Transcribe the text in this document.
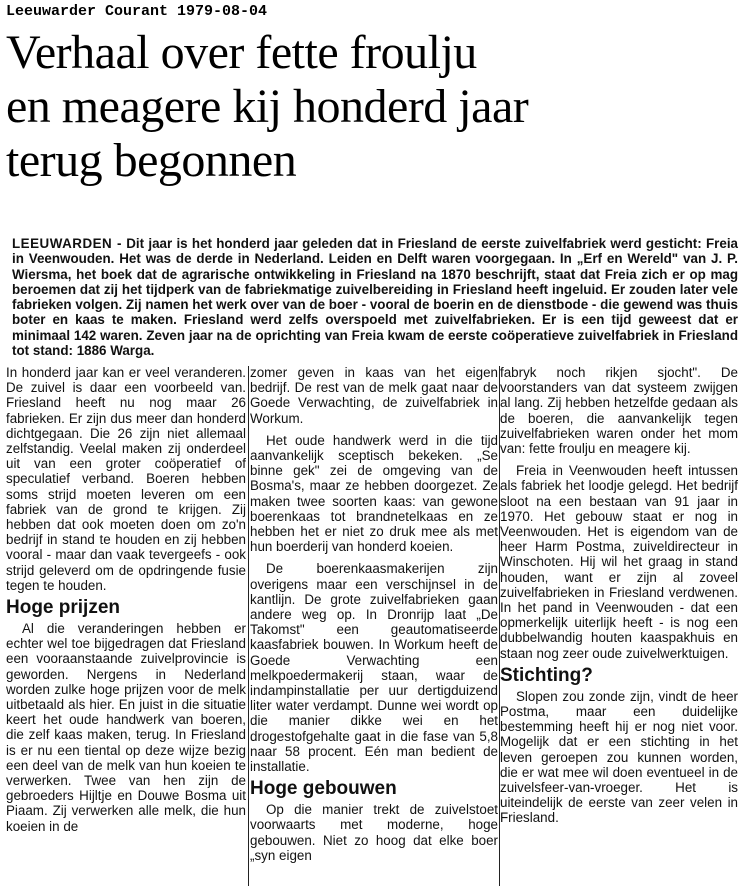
Leeuwarder Courant 1979-08-04
Verhaal over fette froulju
en meagere kij honderd jaar
terug begonnen

LEEUWARDEN - Dit jaar is het honderd jaar geleden dat in Friesland de eerste zuivelfabriek werd gesticht: Freia in Veenwouden. Het was de derde in Nederland. Leiden en Delft waren voorgegaan. In „Erf en Wereld" van J. P. Wiersma, het boek dat de agrarische ontwikkeling in Friesland na 1870 beschrijft, staat dat Freia zich er op mag beroemen dat zij het tijdperk van de fabriekmatige zuivelbereiding in Friesland heeft ingeluid. Er zouden later vele fabrieken volgen. Zij namen het werk over van de boer - vooral de boerin en de dienstbode - die gewend was thuis boter en kaas te maken. Friesland werd zelfs overspoeld met zuivelfabrieken. Er is een tijd geweest dat er minimaal 142 waren. Zeven jaar na de oprichting van Freia kwam de eerste coöperatieve zuivelfabriek in Friesland tot stand: 1886 Warga.

In honderd jaar kan er veel veranderen. De zuivel is daar een voorbeeld van. Friesland heeft nu nog maar 26 fabrieken. Er zijn dus meer dan honderd dichtgegaan. Die 26 zijn niet allemaal zelfstandig. Veelal maken zij onderdeel uit van een groter coöperatief of speculatief verband. Boeren hebben soms strijd moeten leveren om een fabriek van de grond te krijgen. Zij hebben dat ook moeten doen om zo'n bedrijf in stand te houden en zij hebben vooral - maar dan vaak tevergeefs - ook strijd geleverd om de opdringende fusie tegen te houden.

Hoge prijzen

Al die veranderingen hebben er echter wel toe bijgedragen dat Friesland een vooraanstaande zuivelprovincie is geworden. Nergens in Nederland worden zulke hoge prijzen voor de melk uitbetaald als hier. En juist in die situatie keert het oude handwerk van boeren, die zelf kaas maken, terug. In Friesland is er nu een tiental op deze wijze bezig een deel van de melk van hun koeien te verwerken. Twee van hen zijn de gebroeders Hijltje en Douwe Bosma uit Piaam. Zij verwerken alle melk, die hun koeien in de

zomer geven in kaas van het eigen bedrijf. De rest van de melk gaat naar de Goede Verwachting, de zuivelfabriek in Workum.

Het oude handwerk werd in die tijd aanvankelijk sceptisch bekeken. „Se binne gek" zei de omgeving van de Bosma's, maar ze hebben doorgezet. Ze maken twee soorten kaas: van gewone boerenkaas tot brandnetelkaas en ze hebben het er niet zo druk mee als met hun boerderij van honderd koeien.

De boerenkaasmakerijen zijn overigens maar een verschijnsel in de kantlijn. De grote zuivelfabrieken gaan andere weg op. In Dronrijp laat „De Takomst" een geautomatiseerde kaasfabriek bouwen. In Workum heeft de Goede Verwachting een melkpoedermakerij staan, waar de indampinstallatie per uur dertigduizend liter water verdampt. Dunne wei wordt op die manier dikke wei en het drogestofgehalte gaat in die fase van 5,8 naar 58 procent. Eén man bedient de installatie.

Hoge gebouwen

Op die manier trekt de zuivelstoet voorwaarts met moderne, hoge gebouwen. Niet zo hoog dat elke boer „syn eigen

fabryk noch rikjen sjocht". De voorstanders van dat systeem zwijgen al lang. Zij hebben hetzelfde gedaan als de boeren, die aanvankelijk tegen zuivelfabrieken waren onder het mom van: fette froulju en meagere kij.

Freia in Veenwouden heeft intussen als fabriek het loodje gelegd. Het bedrijf sloot na een bestaan van 91 jaar in 1970. Het gebouw staat er nog in Veenwouden. Het is eigendom van de heer Harm Postma, zuiveldirecteur in Winschoten. Hij wil het graag in stand houden, want er zijn al zoveel zuivelfabrieken in Friesland verdwenen. In het pand in Veenwouden - dat een opmerkelijk uiterlijk heeft - is nog een dubbelwandig houten kaaspakhuis en staan nog zeer oude zuivelwerktuigen.

Stichting?

Slopen zou zonde zijn, vindt de heer Postma, maar een duidelijke bestemming heeft hij er nog niet voor. Mogelijk dat er een stichting in het leven geroepen zou kunnen worden, die er wat mee wil doen eventueel in de zuivelsfeer-van-vroeger. Het is uiteindelijk de eerste van zeer velen in Friesland.
